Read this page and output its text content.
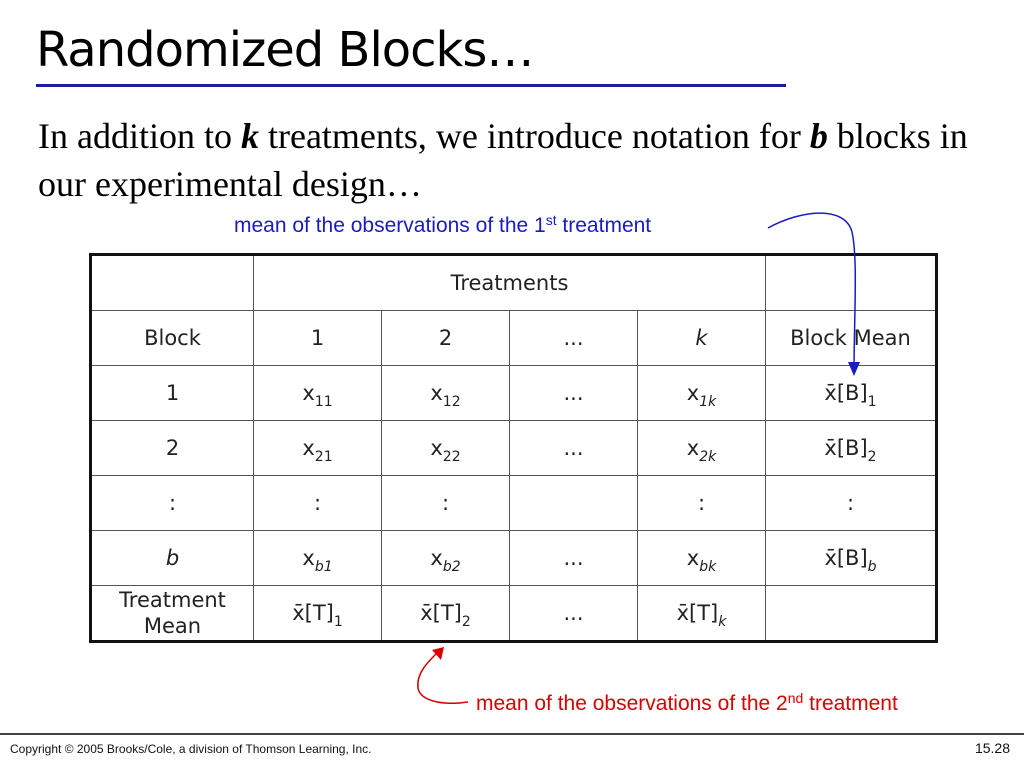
Randomized Blocks…

In addition to k treatments, we introduce notation for b blocks in our experimental design…

mean of the observations of the 1st treatment
	Treatments				
Block	1	2	...	k	Block Mean
1	$x_{11}$	$x_{12}$	...	$x_{1k}$	$x̄[B]_1$
2	$x_{21}$	$x_{22}$	...	$x_{2k}$	$x̄[B]_2$
:	:	:		:	:
b	$x_{b1}$	$x_{b2}$	...	$x_{bk}$	$x̄[B]_b$
Treatment
Mean	$x̄[T]_1$	$x̄[T]_2$	...	$x̄[T]_k$	
mean of the observations of the 2nd treatment
Copyright © 2005 Brooks/Cole, a division of Thomson Learning, Inc.	15.28
